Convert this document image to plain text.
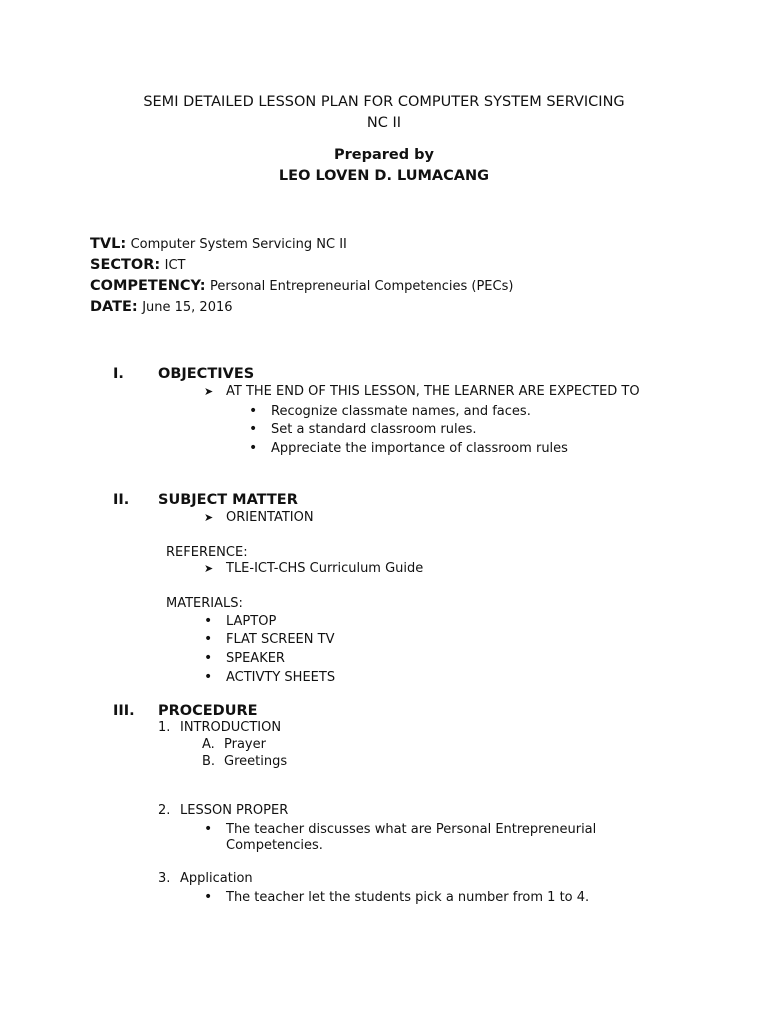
SEMI DETAILED LESSON PLAN FOR COMPUTER SYSTEM SERVICING
NC II
Prepared by
LEO LOVEN D. LUMACANG
TVL: Computer System Servicing NC II
SECTOR: ICT
COMPETENCY: Personal Entrepreneurial Competencies (PECs)
DATE: June 15, 2016
I. OBJECTIVES
➤ AT THE END OF THIS LESSON, THE LEARNER ARE EXPECTED TO
•Recognize classmate names, and faces.
•Set a standard classroom rules.
•Appreciate the importance of classroom rules
II. SUBJECT MATTER
➤ ORIENTATION
REFERENCE:
➤ TLE-ICT-CHS Curriculum Guide
MATERIALS:
•LAPTOP
•FLAT SCREEN TV
•SPEAKER
•ACTIVTY SHEETS
III. PROCEDURE
1. INTRODUCTION
A. Prayer
B. Greetings
2. LESSON PROPER
•The teacher discusses what are Personal Entrepreneurial
Competencies.
3. Application
•The teacher let the students pick a number from 1 to 4.
